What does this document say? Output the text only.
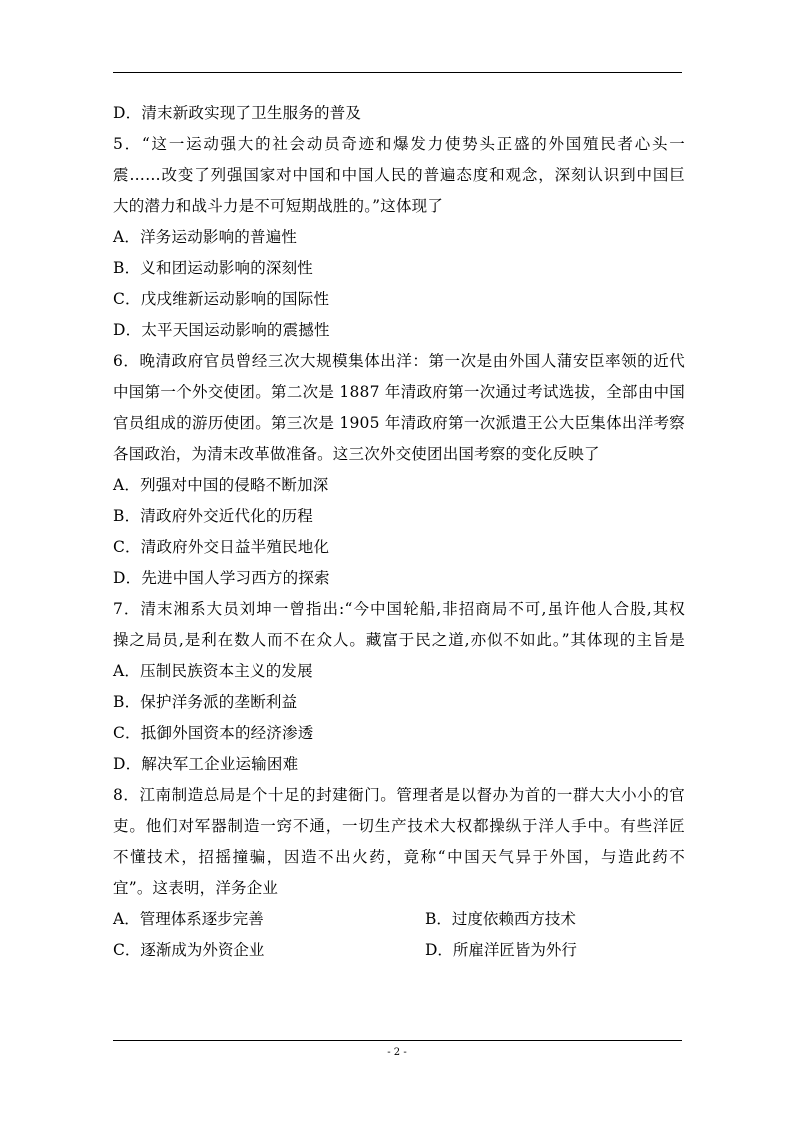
D．清末新政实现了卫生服务的普及
5．“这一运动强大的社会动员奇迹和爆发力使势头正盛的外国殖民者心头一
震……改变了列强国家对中国和中国人民的普遍态度和观念，深刻认识到中国巨
大的潜力和战斗力是不可短期战胜的。”这体现了
A．洋务运动影响的普遍性
B．义和团运动影响的深刻性
C．戊戌维新运动影响的国际性
D．太平天国运动影响的震撼性
6．晚清政府官员曾经三次大规模集体出洋：第一次是由外国人蒲安臣率领的近代
中国第一个外交使团。第二次是 1887 年清政府第一次通过考试选拔，全部由中国
官员组成的游历使团。第三次是 1905 年清政府第一次派遣王公大臣集体出洋考察
各国政治，为清末改革做准备。这三次外交使团出国考察的变化反映了
A．列强对中国的侵略不断加深
B．清政府外交近代化的历程
C．清政府外交日益半殖民地化
D．先进中国人学习西方的探索
7．清末湘系大员刘坤一曾指出:“今中国轮船,非招商局不可,虽许他人合股,其权
操之局员,是利在数人而不在众人。藏富于民之道,亦似不如此。”其体现的主旨是
A．压制民族资本主义的发展
B．保护洋务派的垄断利益
C．抵御外国资本的经济渗透
D．解决军工企业运输困难
8．江南制造总局是个十足的封建衙门。管理者是以督办为首的一群大大小小的官
吏。他们对军器制造一窍不通，一切生产技术大权都操纵于洋人手中。有些洋匠
不懂技术，招摇撞骗，因造不出火药，竟称“中国天气异于外国，与造此药不
宜”。这表明，洋务企业
A．管理体系逐步完善	B．过度依赖西方技术
C．逐渐成为外资企业	D．所雇洋匠皆为外行
- 2 -
